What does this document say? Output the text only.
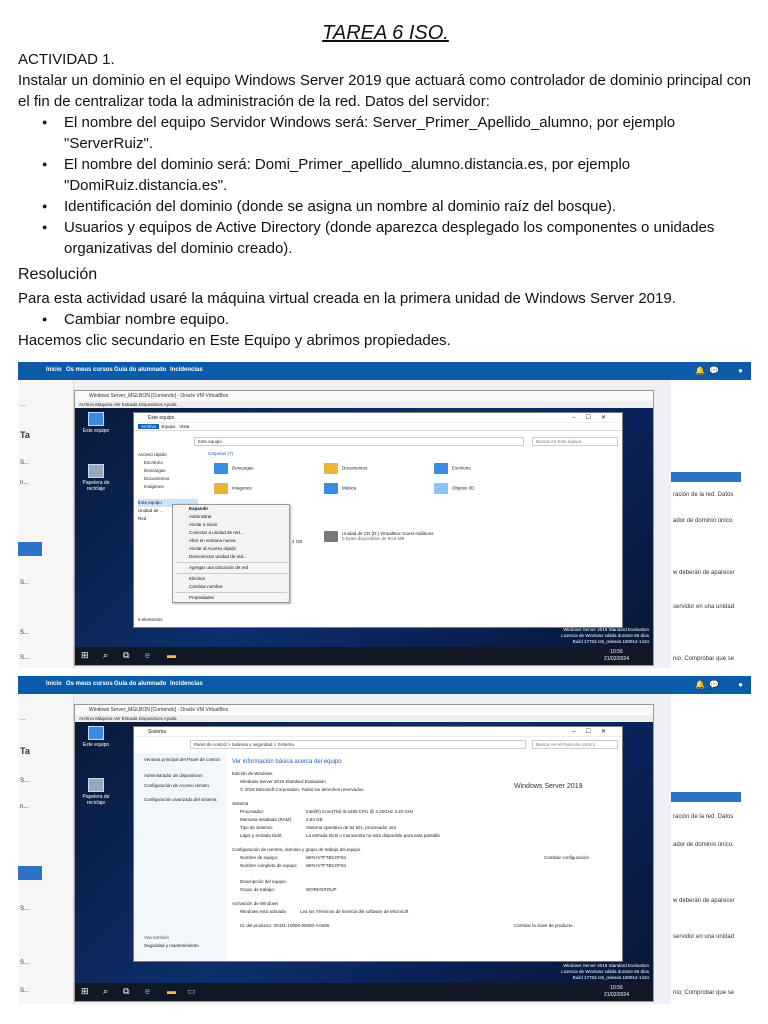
TAREA 6 ISO.
ACTIVIDAD 1.
Instalar un dominio en el equipo Windows Server 2019 que actuará como controlador de dominio principal con el fin de centralizar toda la administración de la red. Datos del servidor:
● El nombre del equipo Servidor Windows será: Server_Primer_Apellido_alumno, por ejemplo "ServerRuiz".
● El nombre del dominio será: Domi_Primer_apellido_alumno.distancia.es, por ejemplo "DomiRuiz.distancia.es".
● Identificación del dominio (donde se asigna un nombre al dominio raíz del bosque).
● Usuarios y equipos de Active Directory (donde aparezca desplegado los componentes o unidades organizativas del dominio creado).
Resolución
Para esta actividad usaré la máquina virtual creada en la primera unidad de Windows Server 2019.
● Cambiar nombre equipo.
Hacemos clic secundario en Este Equipo y abrimos propiedades.
Inicio Os meus cursos Guía do alumnado Incidencias	🔔 💬 ●
...
Ta
S...
n...
S...
S...
S...
ración de la red. Datos
ador de dominio único.
w deberán de aparecer
servidor en una unidad
nio; Comprobar que se
Windows Server_MGLBON [Corriendo] - Oracle VM VirtualBox
Archivo Máquina Ver Entrada Dispositivos Ayuda
Este equipo
Papelera de reciclaje
Este equipo	–☐✕
Archivo Equipo Vista
Este equipo	Buscar en Este equipo
Acceso rápido
Escritorio
Descargas
Documentos
Imágenes
Este equipo
Unidad de ...
Red
Carpetas (7)
Descargas	Documentos	Escritorio
Imágenes	Música	Objetos 3D
4 GB
Unidad de CD (D:) VirtualBox Guest Additions
0 bytes disponibles de 50,6 MB
9 elementos
Expandir
Administrar
Anclar a Inicio
Conectar a unidad de red...
Abrir en ventana nueva
Anclar al Acceso rápido
Desconectar unidad de red...
Agregar una ubicación de red
Eliminar
Cambiar nombre
Propiedades
Windows Server 2019 Standard Evaluation
Licencia de Windows válida durante 68 días
Build 17763.rs5_release.180914-1434
⊞ ⌕ ⧉ e ▬	10:56
21/02/2024
Inicio Os meus cursos Guía do alumnado Incidencias	🔔 💬 ●
...
Ta
S...
n...
S...
S...
S...
ración de la red. Datos
ador de dominio único.
w deberán de aparecer
servidor en una unidad
nio; Comprobar que se
Windows Server_MGLBON [Corriendo] - Oracle VM VirtualBox
Archivo Máquina Ver Entrada Dispositivos Ayuda
Este equipo
Papelera de reciclaje
Sistema	–☐✕
Panel de control > Sistema y seguridad > Sistema	Buscar en el Panel de control
Ventana principal del Panel de control
Administrador de dispositivos
Configuración de Acceso remoto
Configuración avanzada del sistema
Vea también
Seguridad y mantenimiento
Ver información básica acerca del equipo
Edición de Windows
Windows Server 2019 Standard Evaluation
© 2018 Microsoft Corporation. Todos los derechos reservados.	Windows Server 2019
Sistema
Procesador:	Intel(R) Core(TM) i5-4460 CPU @ 3.20GHz 3.20 GHz
Memoria instalada (RAM):	2,93 GB
Tipo de sistema:	Sistema operativo de 64 bits, procesador x64
Lápiz y entrada táctil:	La entrada táctil o manuscrita no está disponible para esta pantalla
Configuración de nombre, dominio y grupo de trabajo del equipo
Nombre de equipo:	WIN-IV7FTBCOF94
Nombre completo de equipo: WIN-IV7FTBCOF94
Descripción del equipo:
Grupo de trabajo:	WORKGROUP
Cambiar configuración
Activación de Windows
Windows está activado	Lea los Términos de licencia del software de Microsoft
Id. del producto: 00431-10000-00000-AA506	Cambiar la clave de producto
Windows Server 2019 Standard Evaluation
Licencia de Windows válida durante 68 días
Build 17763.rs5_release.180914-1434
⊞ ⌕ ⧉ e ▬ ▭	10:56
21/02/2024
